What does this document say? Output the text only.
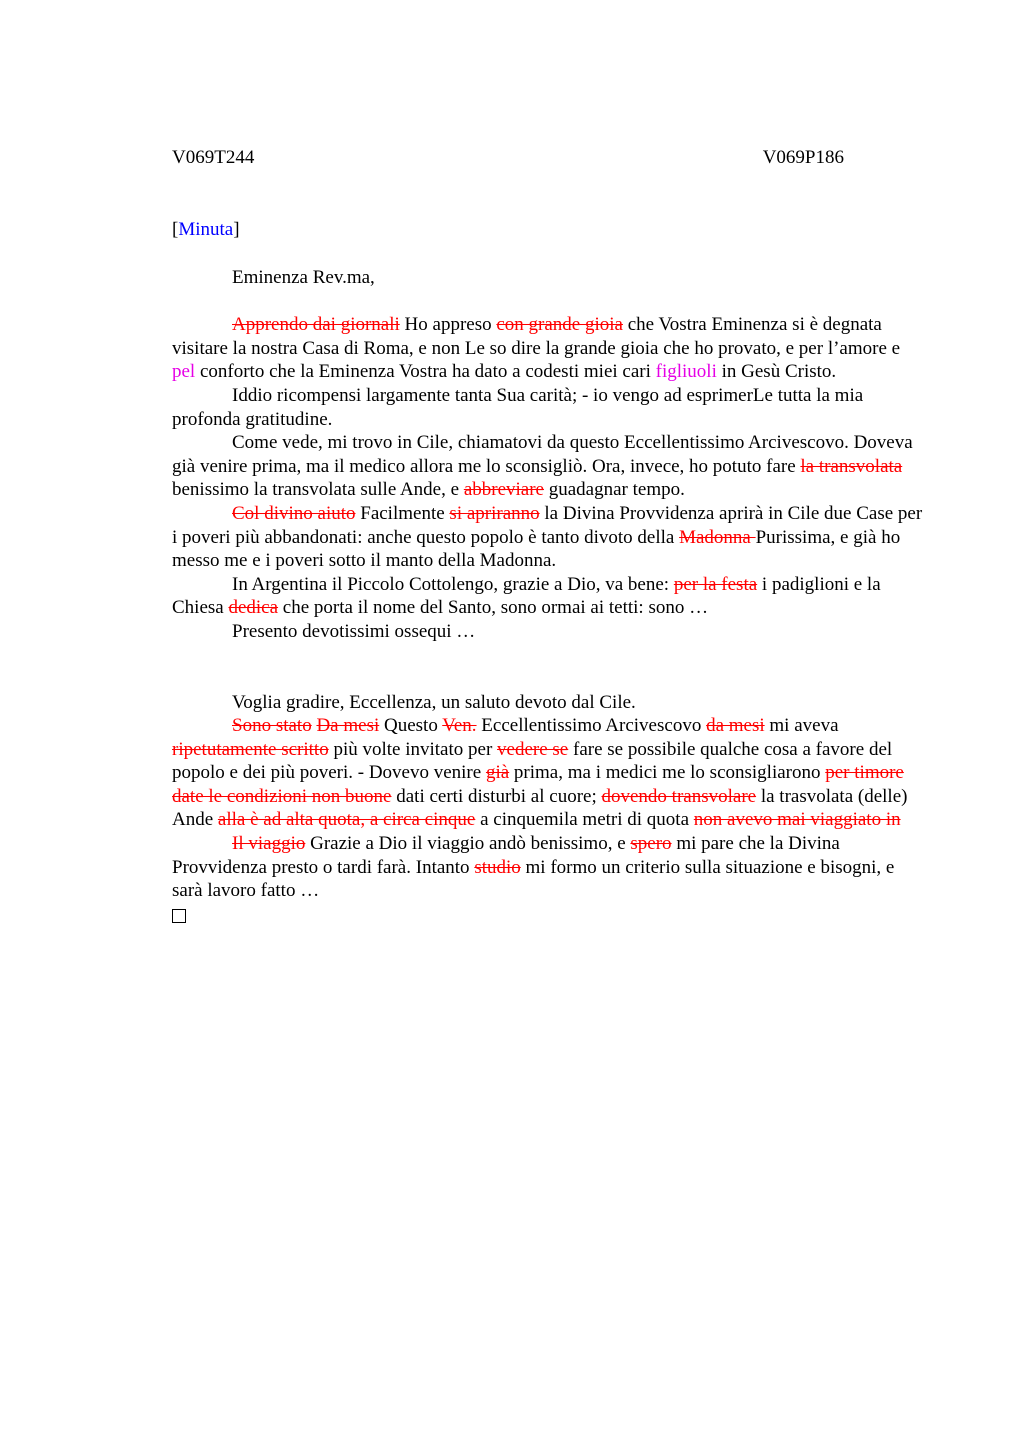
V069T244	V069P186

[Minuta]

Eminenza Rev.ma,

Apprendo dai giornali Ho appreso con grande gioia che Vostra Eminenza si è degnata visitare la nostra Casa di Roma, e non Le so dire la grande gioia che ho provato, e per l’amore e pel conforto che la Eminenza Vostra ha dato a codesti miei cari figliuoli in Gesù Cristo.

Iddio ricompensi largamente tanta Sua carità; - io vengo ad esprimerLe tutta la mia profonda gratitudine.

Come vede, mi trovo in Cile, chiamatovi da questo Eccellentissimo Arcivescovo. Doveva già venire prima, ma il medico allora me lo sconsigliò. Ora, invece, ho potuto fare la transvolata benissimo la transvolata sulle Ande, e abbreviare guadagnar tempo.

Col divino aiuto Facilmente si apriranno la Divina Provvidenza aprirà in Cile due Case per i poveri più abbandonati: anche questo popolo è tanto divoto della Madonna Purissima, e già ho messo me e i poveri sotto il manto della Madonna.

In Argentina il Piccolo Cottolengo, grazie a Dio, va bene: per la festa i padiglioni e la Chiesa dedica che porta il nome del Santo, sono ormai ai tetti: sono …

Presento devotissimi ossequi …

Voglia gradire, Eccellenza, un saluto devoto dal Cile.

Sono stato Da mesi Questo Ven. Eccellentissimo Arcivescovo da mesi mi aveva ripetutamente scritto più volte invitato per vedere se fare se possibile qualche cosa a favore del popolo e dei più poveri. - Dovevo venire già prima, ma i medici me lo sconsigliarono per timore date le condizioni non buone dati certi disturbi al cuore; dovendo transvolare la trasvolata (delle) Ande alla è ad alta quota, a circa cinque a cinquemila metri di quota non avevo mai viaggiato in

Il viaggio Grazie a Dio il viaggio andò benissimo, e spero mi pare che la Divina Provvidenza presto o tardi farà. Intanto studio mi formo un criterio sulla situazione e bisogni, e sarà lavoro fatto …
